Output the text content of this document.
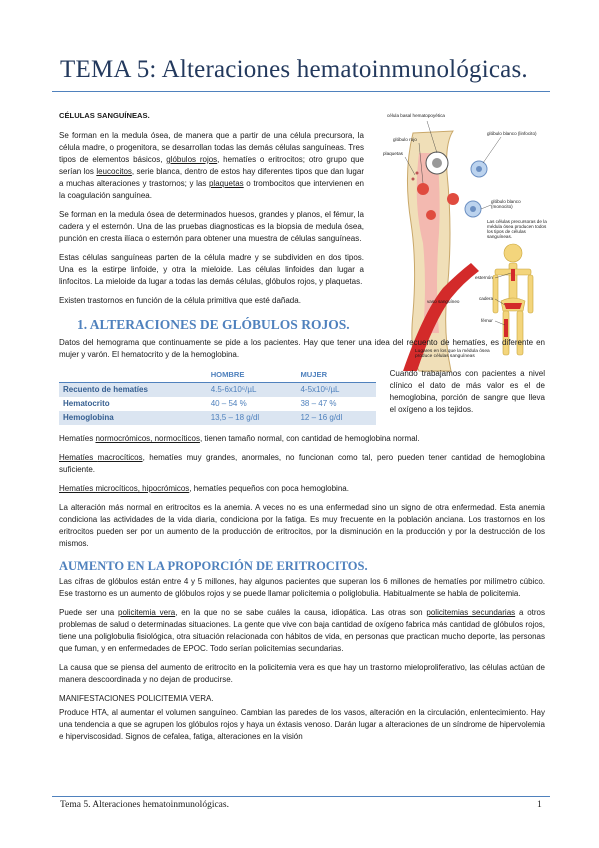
TEMA 5: Alteraciones hematoinmunológicas.
célula basal hematopoyética
glóbulo rojo
plaquetas
glóbulo blanco (linfocito)
glóbulo blanco (monocito)
Las células precursoras de la médula ósea producen todos los tipos de células sanguíneas.
vaso sanguíneo
esternón
cadera
fémur
Lugares en los que la médula ósea produce células sanguíneas
CÉLULAS SANGUÍNEAS.

Se forman en la medula ósea, de manera que a partir de una célula precursora, la célula madre, o progenitora, se desarrollan todas las demás células sanguíneas. Tres tipos de elementos básicos, glóbulos rojos, hematíes o eritrocitos; otro grupo que serían los leucocitos, serie blanca, dentro de estos hay diferentes tipos que dan lugar a muchas alteraciones y trastornos; y las plaquetas o trombocitos que intervienen en la coagulación sanguínea.

Se forman en la medula ósea de determinados huesos, grandes y planos, el fémur, la cadera y el esternón. Una de las pruebas diagnosticas es la biopsia de medula ósea, punción en cresta ilíaca o esternón para obtener una muestra de células sanguíneas.

Estas células sanguíneas parten de la célula madre y se subdividen en dos tipos. Una es la estirpe linfoide, y otra la mieloide. Las células linfoides dan lugar a linfocitos. La mieloide da lugar a todas las demás células, glóbulos rojos, y plaquetas.

Existen trastornos en función de la célula primitiva que esté dañada.

1. ALTERACIONES DE GLÓBULOS ROJOS.

Datos del hemograma que continuamente se pide a los pacientes. Hay que tener una idea del recuento de hematíes, es diferente en mujer y varón. El hematocrito y de la hemoglobina.

	HOMBRE	MUJER
Recuento de hematíes	4.5-6x10⁶/µL	4-5x10⁶/µL
Hematocrito	40 – 54 %	38 – 47 %
Hemoglobina	13,5 – 18 g/dl	12 – 16 g/dl
Cuando trabajamos con pacientes a nivel clínico el dato de más valor es el de hemoglobina, porción de sangre que lleva el oxígeno a los tejidos.

Hematíes normocrómicos, normocíticos, tienen tamaño normal, con cantidad de hemoglobina normal.

Hematíes macrocíticos, hematíes muy grandes, anormales, no funcionan como tal, pero pueden tener cantidad de hemoglobina suficiente.

Hematíes microcíticos, hipocrómicos, hematíes pequeños con poca hemoglobina.

La alteración más normal en eritrocitos es la anemia. A veces no es una enfermedad sino un signo de otra enfermedad. Esta anemia condiciona las actividades de la vida diaria, condiciona por la fatiga. Es muy frecuente en la población anciana. Los trastornos en los eritrocitos pueden ser por un aumento de la producción de eritrocitos, por la disminución en la producción y por la destrucción de los mismos.

AUMENTO EN LA PROPORCIÓN DE ERITROCITOS.

Las cifras de glóbulos están entre 4 y 5 millones, hay algunos pacientes que superan los 6 millones de hematíes por milímetro cúbico. Ese trastorno es un aumento de glóbulos rojos y se puede llamar policitemia o poliglobulia. Habitualmente se habla de policitemia.

Puede ser una policitemia vera, en la que no se sabe cuáles la causa, idiopática. Las otras son policitemias secundarias a otros problemas de salud o determinadas situaciones. La gente que vive con baja cantidad de oxígeno fabrica más cantidad de glóbulos rojos, tiene una poliglobulia fisiológica, otra situación relacionada con hábitos de vida, en personas que practican mucho deporte, las personas que fuman, y en enfermedades de EPOC. Todo serían policitemias secundarias.

La causa que se piensa del aumento de eritrocito en la policitemia vera es que hay un trastorno mieloproliferativo, las células actúan de manera descoordinada y no dejan de producirse.

MANIFESTACIONES POLICITEMIA VERA.

Produce HTA, al aumentar el volumen sanguíneo. Cambian las paredes de los vasos, alteración en la circulación, enlentecimiento. Hay una tendencia a que se agrupen los glóbulos rojos y haya un éxtasis venoso. Darán lugar a alteraciones de un síndrome de hipervolemia e hiperviscosidad. Signos de cefalea, fatiga, alteraciones en la visión

Tema 5. Alteraciones hematoinmunológicas.	1
